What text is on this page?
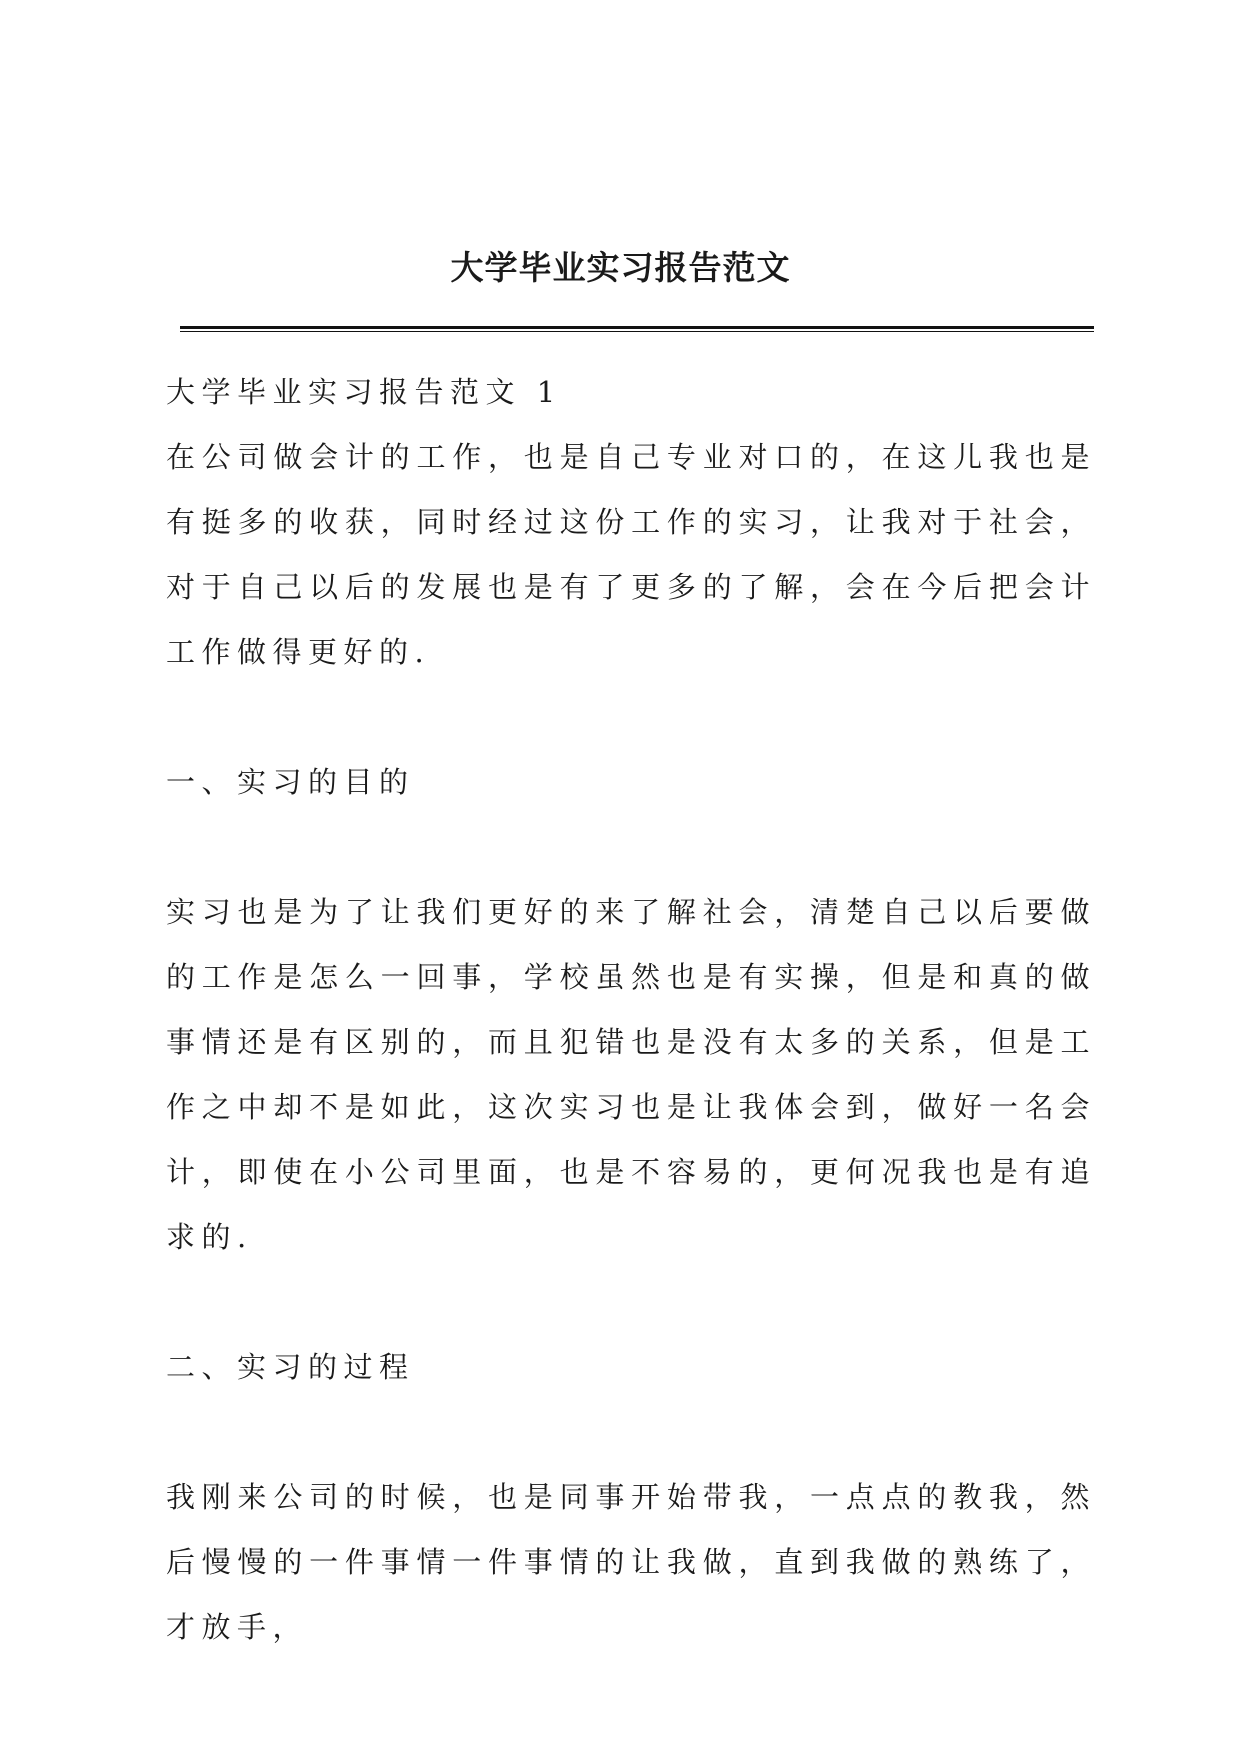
大学毕业实习报告范文

大学毕业实习报告范文 1

在公司做会计的工作，也是自己专业对口的，在这儿我也是有挺多的收获，同时经过这份工作的实习，让我对于社会，对于自己以后的发展也是有了更多的了解，会在今后把会计工作做得更好的.

一、实习的目的

实习也是为了让我们更好的来了解社会，清楚自己以后要做的工作是怎么一回事，学校虽然也是有实操，但是和真的做事情还是有区别的，而且犯错也是没有太多的关系，但是工作之中却不是如此，这次实习也是让我体会到，做好一名会计，即使在小公司里面，也是不容易的，更何况我也是有追求的.

二、实习的过程

我刚来公司的时候，也是同事开始带我，一点点的教我，然后慢慢的一件事情一件事情的让我做，直到我做的熟练了，才放手，
